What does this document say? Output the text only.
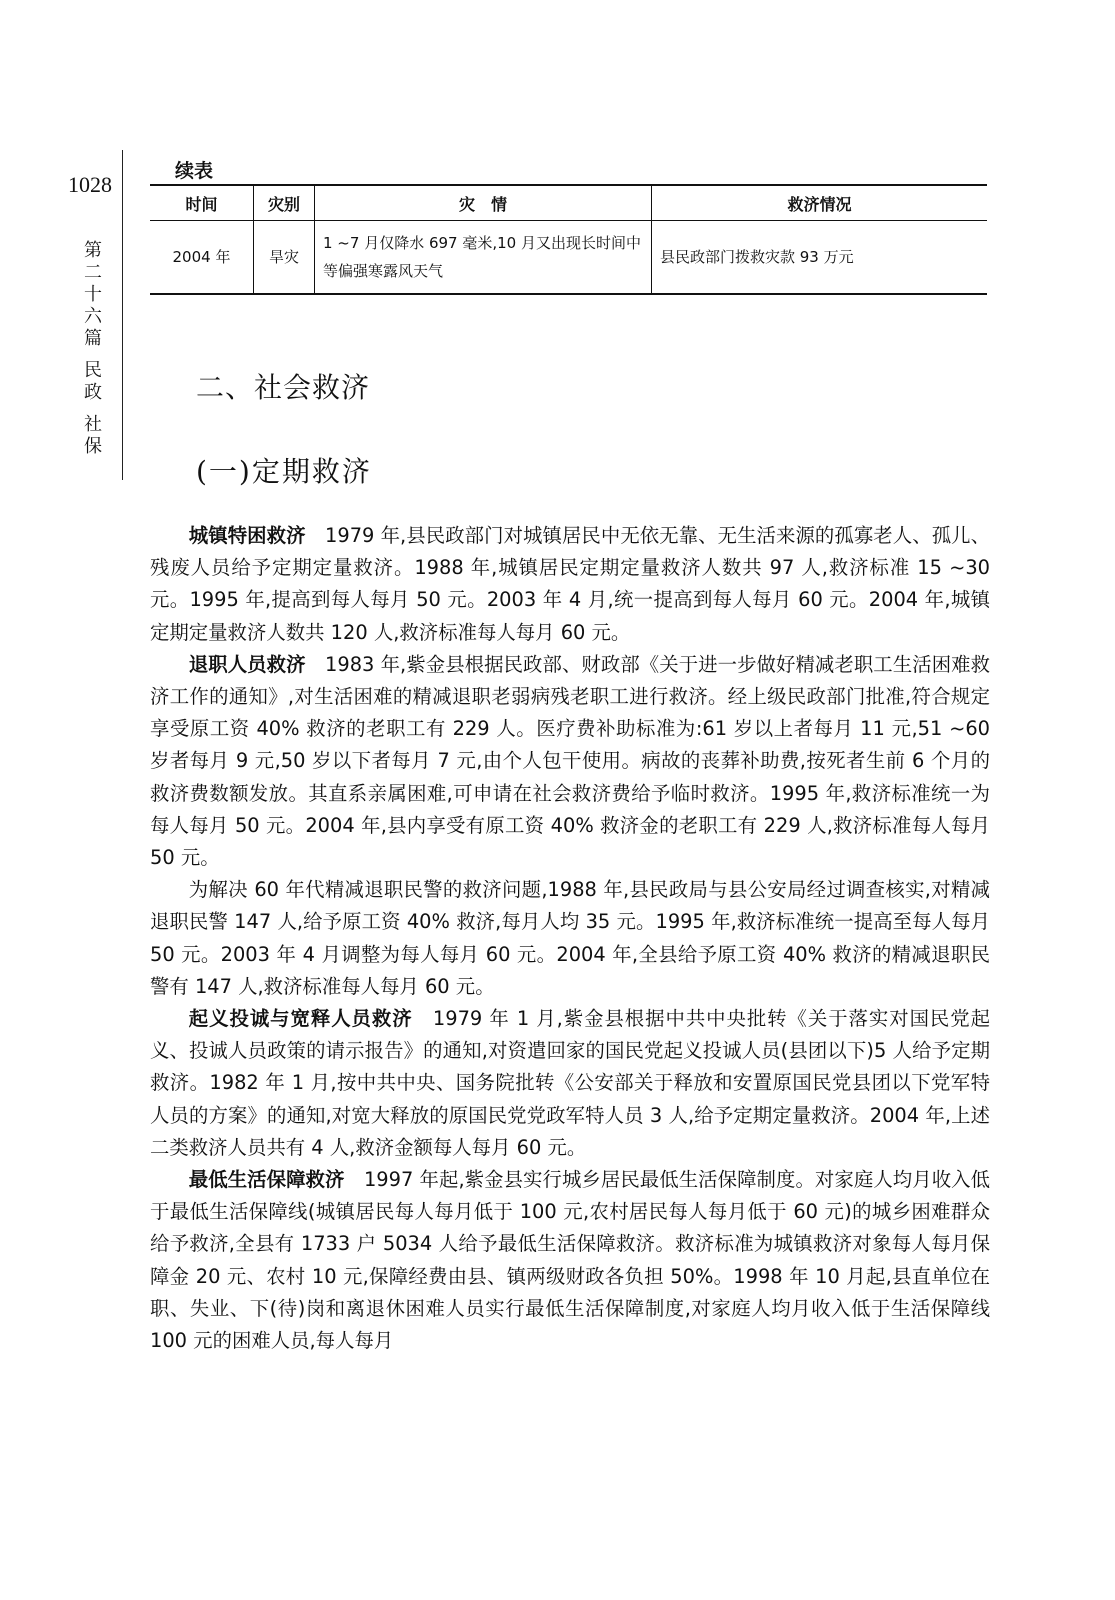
1028
第
二
十
六
篇
民
政
社
保
续表
时间	灾别	灾　情	救济情况
2004 年	旱灾	1 ~7 月仅降水 697 毫米,10 月又出现长时间中等偏强寒露风天气	县民政部门拨救灾款 93 万元
二、社会救济
(一)定期救济

城镇特困救济　1979 年,县民政部门对城镇居民中无依无靠、无生活来源的孤寡老人、孤儿、残废人员给予定期定量救济。1988 年,城镇居民定期定量救济人数共 97 人,救济标准 15 ~30 元。1995 年,提高到每人每月 50 元。2003 年 4 月,统一提高到每人每月 60 元。2004 年,城镇定期定量救济人数共 120 人,救济标准每人每月 60 元。

退职人员救济　1983 年,紫金县根据民政部、财政部《关于进一步做好精减老职工生活困难救济工作的通知》,对生活困难的精减退职老弱病残老职工进行救济。经上级民政部门批准,符合规定享受原工资 40% 救济的老职工有 229 人。医疗费补助标准为:61 岁以上者每月 11 元,51 ~60 岁者每月 9 元,50 岁以下者每月 7 元,由个人包干使用。病故的丧葬补助费,按死者生前 6 个月的救济费数额发放。其直系亲属困难,可申请在社会救济费给予临时救济。1995 年,救济标准统一为每人每月 50 元。2004 年,县内享受有原工资 40% 救济金的老职工有 229 人,救济标准每人每月 50 元。

为解决 60 年代精减退职民警的救济问题,1988 年,县民政局与县公安局经过调查核实,对精减退职民警 147 人,给予原工资 40% 救济,每月人均 35 元。1995 年,救济标准统一提高至每人每月 50 元。2003 年 4 月调整为每人每月 60 元。2004 年,全县给予原工资 40% 救济的精减退职民警有 147 人,救济标准每人每月 60 元。

起义投诚与宽释人员救济　1979 年 1 月,紫金县根据中共中央批转《关于落实对国民党起义、投诚人员政策的请示报告》的通知,对资遣回家的国民党起义投诚人员(县团以下)5 人给予定期救济。1982 年 1 月,按中共中央、国务院批转《公安部关于释放和安置原国民党县团以下党军特人员的方案》的通知,对宽大释放的原国民党党政军特人员 3 人,给予定期定量救济。2004 年,上述二类救济人员共有 4 人,救济金额每人每月 60 元。

最低生活保障救济　1997 年起,紫金县实行城乡居民最低生活保障制度。对家庭人均月收入低于最低生活保障线(城镇居民每人每月低于 100 元,农村居民每人每月低于 60 元)的城乡困难群众给予救济,全县有 1733 户 5034 人给予最低生活保障救济。救济标准为城镇救济对象每人每月保障金 20 元、农村 10 元,保障经费由县、镇两级财政各负担 50%。1998 年 10 月起,县直单位在职、失业、下(待)岗和离退休困难人员实行最低生活保障制度,对家庭人均月收入低于生活保障线 100 元的困难人员,每人每月
